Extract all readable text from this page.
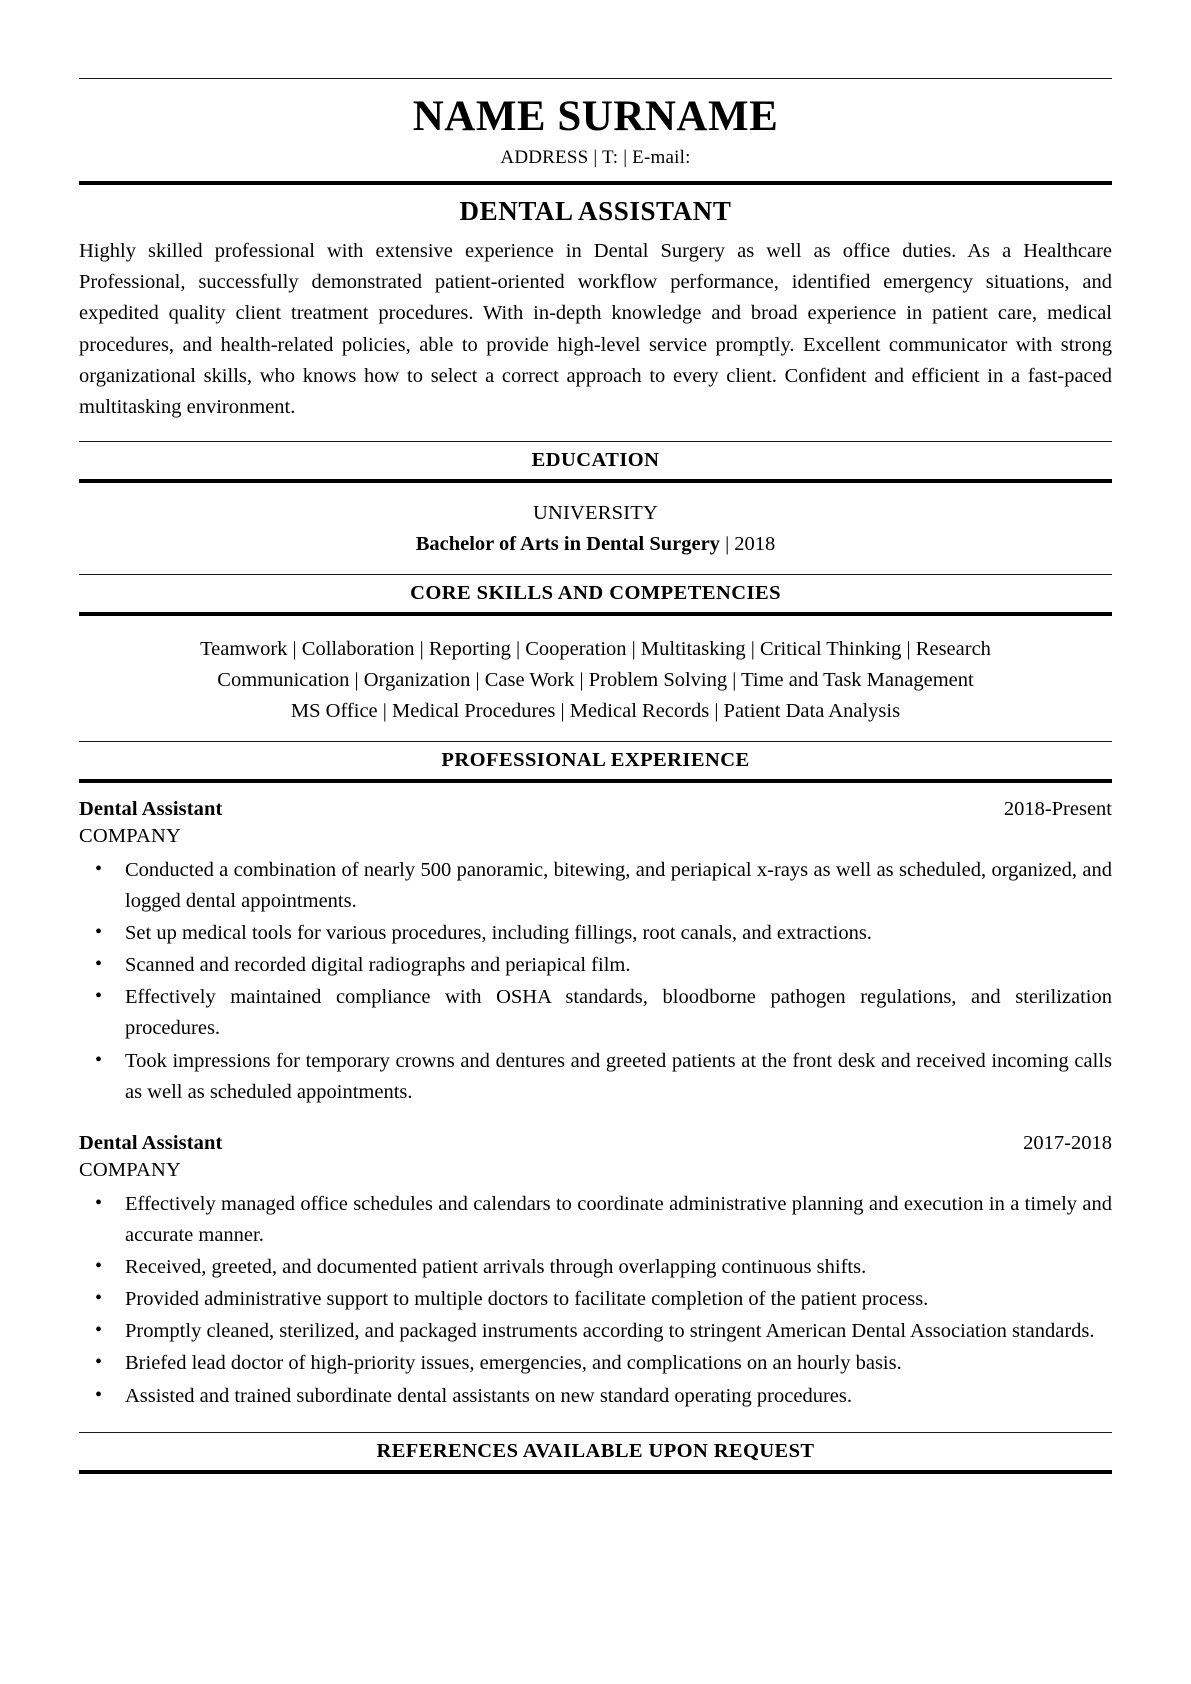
NAME SURNAME
ADDRESS | T: | E-mail:
DENTAL ASSISTANT
Highly skilled professional with extensive experience in Dental Surgery as well as office duties. As a Healthcare Professional, successfully demonstrated patient-oriented workflow performance, identified emergency situations, and expedited quality client treatment procedures. With in-depth knowledge and broad experience in patient care, medical procedures, and health-related policies, able to provide high-level service promptly. Excellent communicator with strong organizational skills, who knows how to select a correct approach to every client. Confident and efficient in a fast-paced multitasking environment.
EDUCATION
UNIVERSITY
Bachelor of Arts in Dental Surgery | 2018
CORE SKILLS AND COMPETENCIES
Teamwork | Collaboration | Reporting | Cooperation | Multitasking | Critical Thinking | Research
Communication | Organization | Case Work | Problem Solving | Time and Task Management
MS Office | Medical Procedures | Medical Records | Patient Data Analysis
PROFESSIONAL EXPERIENCE
Dental Assistant	2018-Present
COMPANY
• Conducted a combination of nearly 500 panoramic, bitewing, and periapical x-rays as well as scheduled, organized, and logged dental appointments.
• Set up medical tools for various procedures, including fillings, root canals, and extractions.
• Scanned and recorded digital radiographs and periapical film.
• Effectively maintained compliance with OSHA standards, bloodborne pathogen regulations, and sterilization procedures.
• Took impressions for temporary crowns and dentures and greeted patients at the front desk and received incoming calls as well as scheduled appointments.
Dental Assistant	2017-2018
COMPANY
• Effectively managed office schedules and calendars to coordinate administrative planning and execution in a timely and accurate manner.
• Received, greeted, and documented patient arrivals through overlapping continuous shifts.
• Provided administrative support to multiple doctors to facilitate completion of the patient process.
• Promptly cleaned, sterilized, and packaged instruments according to stringent American Dental Association standards.
• Briefed lead doctor of high-priority issues, emergencies, and complications on an hourly basis.
• Assisted and trained subordinate dental assistants on new standard operating procedures.
REFERENCES AVAILABLE UPON REQUEST
